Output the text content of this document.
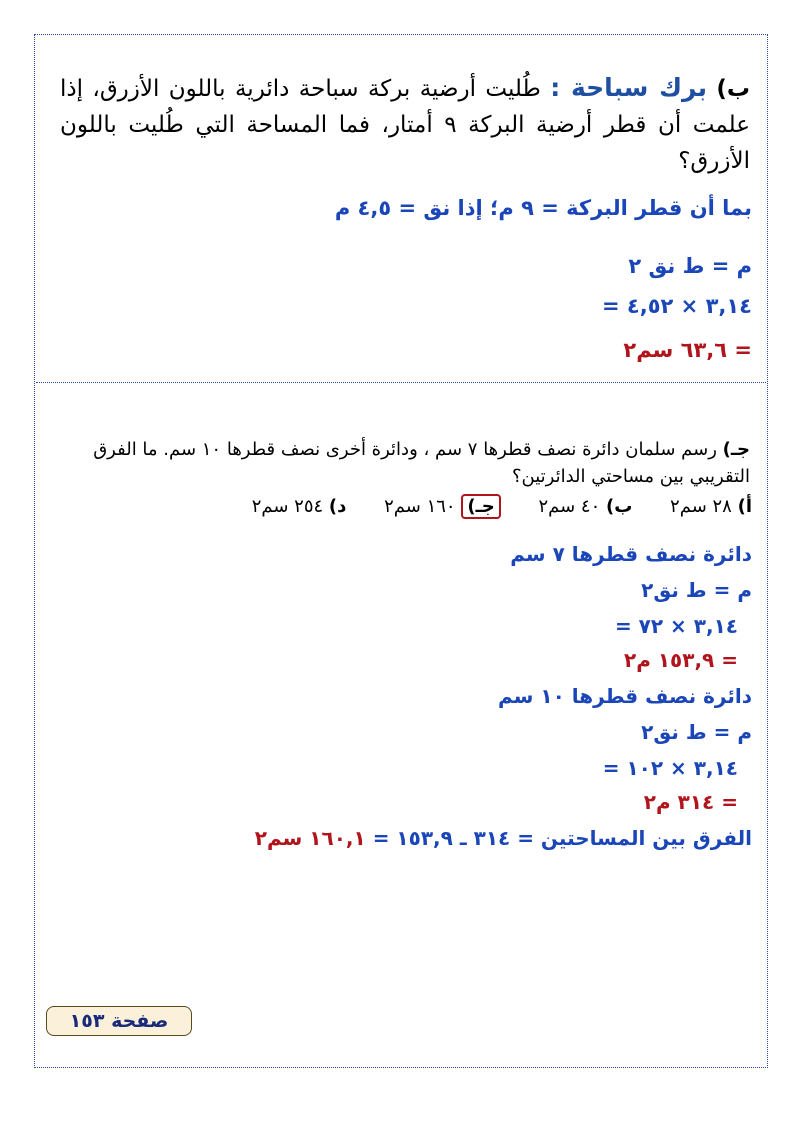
ب) برك سباحة : طُليت أرضية بركة سباحة دائرية باللون الأزرق، إذا علمت أن قطر أرضية البركة ٩ أمتار، فما المساحة التي طُليت باللون الأزرق؟
بما أن قطر البركة = ٩ م؛ إذا نق = ٤,٥ م
م = ط نق ٢
= ٣,١٤ × ٤,٥٢
= ٦٣,٦ سم٢
جـ) رسم سلمان دائرة نصف قطرها ٧ سم ، ودائرة أخرى نصف قطرها ١٠ سم. ما الفرق التقريبي بين مساحتي الدائرتين؟
أ) ٢٨ سم٢ ب) ٤٠ سم٢ جـ) ١٦٠ سم٢ د) ٢٥٤ سم٢
دائرة نصف قطرها ٧ سم
م = ط نق٢
= ٣,١٤ × ٧٢
= ١٥٣,٩ م٢
دائرة نصف قطرها ١٠ سم
م = ط نق٢
= ٣,١٤ × ١٠٢
= ٣١٤ م٢
الفرق بين المساحتين = ٣١٤ ـ ١٥٣,٩ = ١٦٠,١ سم٢
صفحة ١٥٣
